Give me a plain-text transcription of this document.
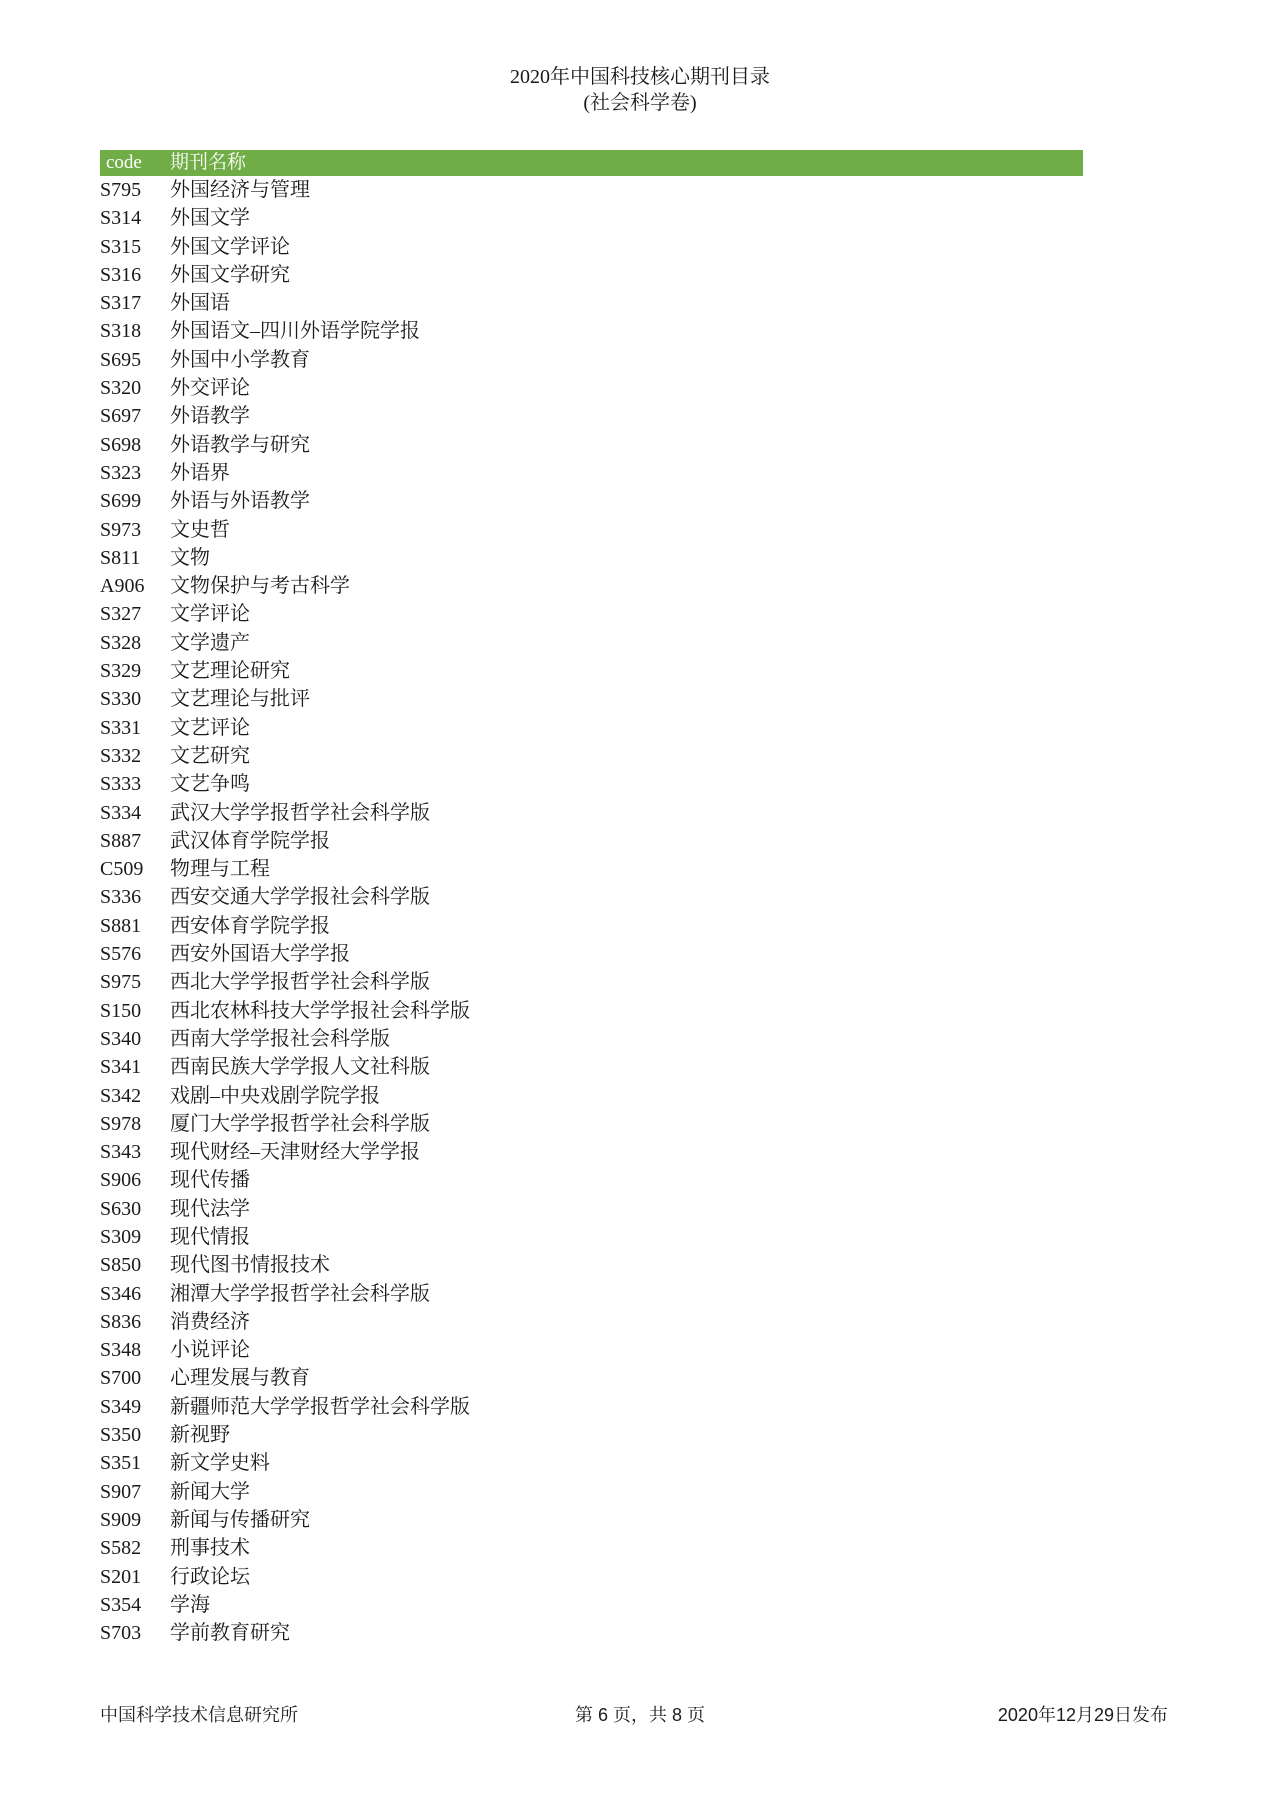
2020年中国科技核心期刊目录
(社会科学卷)
code	期刊名称
S795	外国经济与管理
S314	外国文学
S315	外国文学评论
S316	外国文学研究
S317	外国语
S318	外国语文–四川外语学院学报
S695	外国中小学教育
S320	外交评论
S697	外语教学
S698	外语教学与研究
S323	外语界
S699	外语与外语教学
S973	文史哲
S811	文物
A906	文物保护与考古科学
S327	文学评论
S328	文学遗产
S329	文艺理论研究
S330	文艺理论与批评
S331	文艺评论
S332	文艺研究
S333	文艺争鸣
S334	武汉大学学报哲学社会科学版
S887	武汉体育学院学报
C509	物理与工程
S336	西安交通大学学报社会科学版
S881	西安体育学院学报
S576	西安外国语大学学报
S975	西北大学学报哲学社会科学版
S150	西北农林科技大学学报社会科学版
S340	西南大学学报社会科学版
S341	西南民族大学学报人文社科版
S342	戏剧–中央戏剧学院学报
S978	厦门大学学报哲学社会科学版
S343	现代财经–天津财经大学学报
S906	现代传播
S630	现代法学
S309	现代情报
S850	现代图书情报技术
S346	湘潭大学学报哲学社会科学版
S836	消费经济
S348	小说评论
S700	心理发展与教育
S349	新疆师范大学学报哲学社会科学版
S350	新视野
S351	新文学史料
S907	新闻大学
S909	新闻与传播研究
S582	刑事技术
S201	行政论坛
S354	学海
S703	学前教育研究
中国科学技术信息研究所	第 6 页，共 8 页	2020年12月29日发布
